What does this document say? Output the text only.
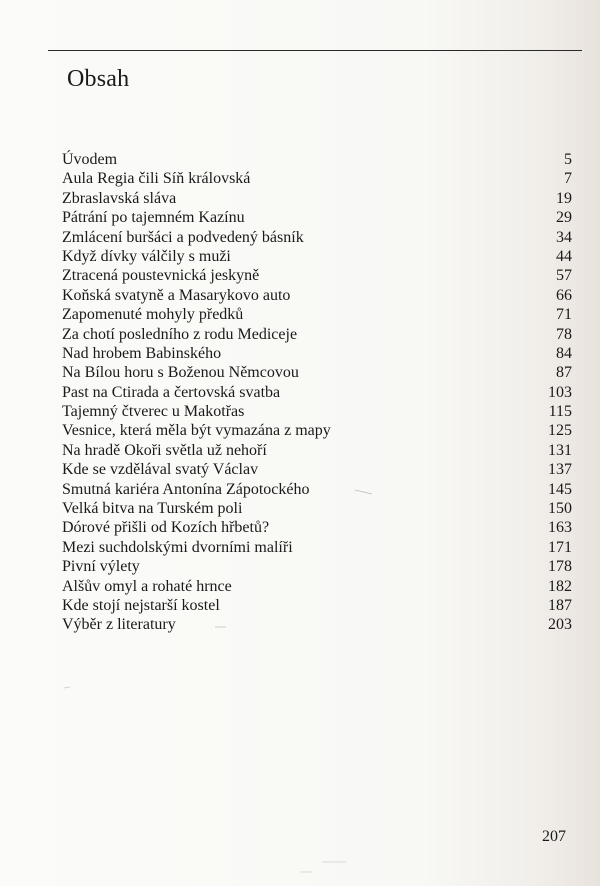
Obsah
Úvodem	5
Aula Regia čili Síň královská	7
Zbraslavská sláva	19
Pátrání po tajemném Kazínu	29
Zmlácení buršáci a podvedený básník	34
Když dívky válčily s muži	44
Ztracená poustevnická jeskyně	57
Koňská svatyně a Masarykovo auto	66
Zapomenuté mohyly předků	71
Za chotí posledního z rodu Mediceje	78
Nad hrobem Babinského	84
Na Bílou horu s Boženou Němcovou	87
Past na Ctirada a čertovská svatba	103
Tajemný čtverec u Makotřas	115
Vesnice, která měla být vymazána z mapy	125
Na hradě Okoři světla už nehoří	131
Kde se vzdělával svatý Václav	137
Smutná kariéra Antonína Zápotockého	145
Velká bitva na Turském poli	150
Dórové přišli od Kozích hřbetů?	163
Mezi suchdolskými dvorními malíři	171
Pivní výlety	178
Alšův omyl a rohaté hrnce	182
Kde stojí nejstarší kostel	187
Výběr z literatury	203
207
